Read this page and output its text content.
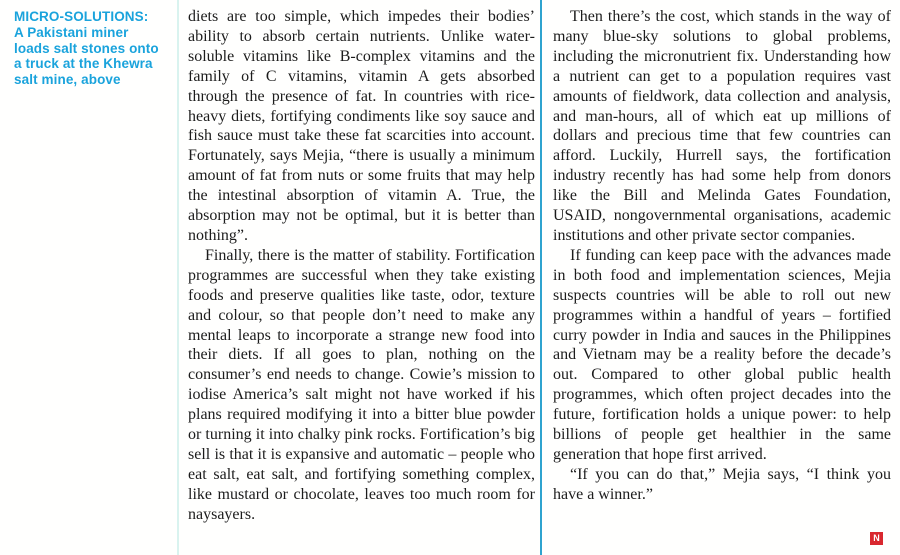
MICRO-SOLUTIONS:
A Pakistani miner
loads salt stones onto
a truck at the Khewra
salt mine, above

diets are too simple, which impedes their bodies’ ability to absorb certain nutrients. Unlike water-soluble vitamins like B-complex vitamins and the family of C vitamins, vitamin A gets absorbed through the presence of fat. In countries with rice-heavy diets, fortifying condiments like soy sauce and fish sauce must take these fat scarcities into account. Fortunately, says Mejia, “there is usually a minimum amount of fat from nuts or some fruits that may help the intestinal absorption of vitamin A. True, the absorption may not be optimal, but it is better than nothing”.

Finally, there is the matter of stability. Fortification programmes are successful when they take existing foods and preserve qualities like taste, odor, texture and colour, so that people don’t need to make any mental leaps to incorporate a strange new food into their diets. If all goes to plan, nothing on the consumer’s end needs to change. Cowie’s mission to iodise America’s salt might not have worked if his plans required modifying it into a bitter blue powder or turning it into chalky pink rocks. Fortification’s big sell is that it is expansive and automatic – people who eat salt, eat salt, and fortifying something complex, like mustard or chocolate, leaves too much room for naysayers.

Then there’s the cost, which stands in the way of many blue-sky solutions to global problems, including the micronutrient fix. Understanding how a nutrient can get to a population requires vast amounts of fieldwork, data collection and analysis, and man-hours, all of which eat up millions of dollars and precious time that few countries can afford. Luckily, Hurrell says, the fortification industry recently has had some help from donors like the Bill and Melinda Gates Foundation, USAID, nongovernmental organisations, academic institutions and other private sector companies.

If funding can keep pace with the advances made in both food and implementation sciences, Mejia suspects countries will be able to roll out new programmes within a handful of years – fortified curry powder in India and sauces in the Philippines and Vietnam may be a reality before the decade’s out. Compared to other global public health programmes, which often project decades into the future, fortification holds a unique power: to help billions of people get healthier in the same generation that hope first arrived.

“If you can do that,” Mejia says, “I think you have a winner.”

N
